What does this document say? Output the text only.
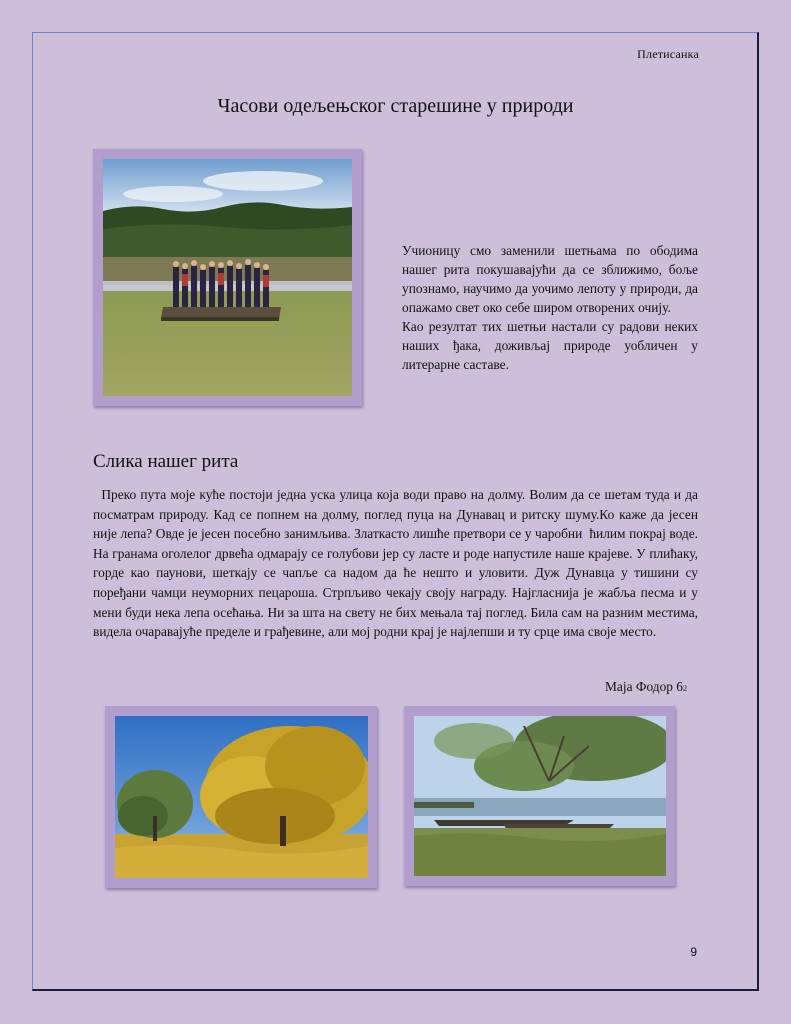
Плетисанка
Часови одељењског старешине у природи

Учионицу смо заменили шетњама по ободима нашег рита покушавајући да се зближимо, боље упознамо, научимо да уочимо лепоту у природи, да опажамо свет око себе широм отворених очију.

Као резултат тих шетњи настали су радови неких наших ђака, доживљај природе уобличен у литерарне саставе.

Слика нашег рита

Преко пута моје куће постоји једна уска улица која води право на долму. Волим да се шетам туда и да посматрам природу. Кад се попнем на долму, поглед пуца на Дунавац и ритску шуму.Ко каже да јесен није лепа? Овде је јесен посебно занимљива. Златкасто лишће претвори се у чаробни  ћилим покрај воде. На гранама оголелог дрвећа одмарају се голубови јер су ласте и роде напустиле наше крајеве. У плићаку, горде као паунови, шеткају се чапље са надом да ће нешто и уловити. Дуж Дунавца у тишини су поређани чамци неуморних пецароша. Стрпљиво чекају своју награду. Најгласнија је жабља песма и у мени буди нека лепа осећања. Ни за шта на свету не бих мењала тај поглед. Била сам на разним местима, видела очаравајуће пределе и грађевине, али мој родни крај је најлепши и ту срце има своје место.

Маја Фодор 62
9
